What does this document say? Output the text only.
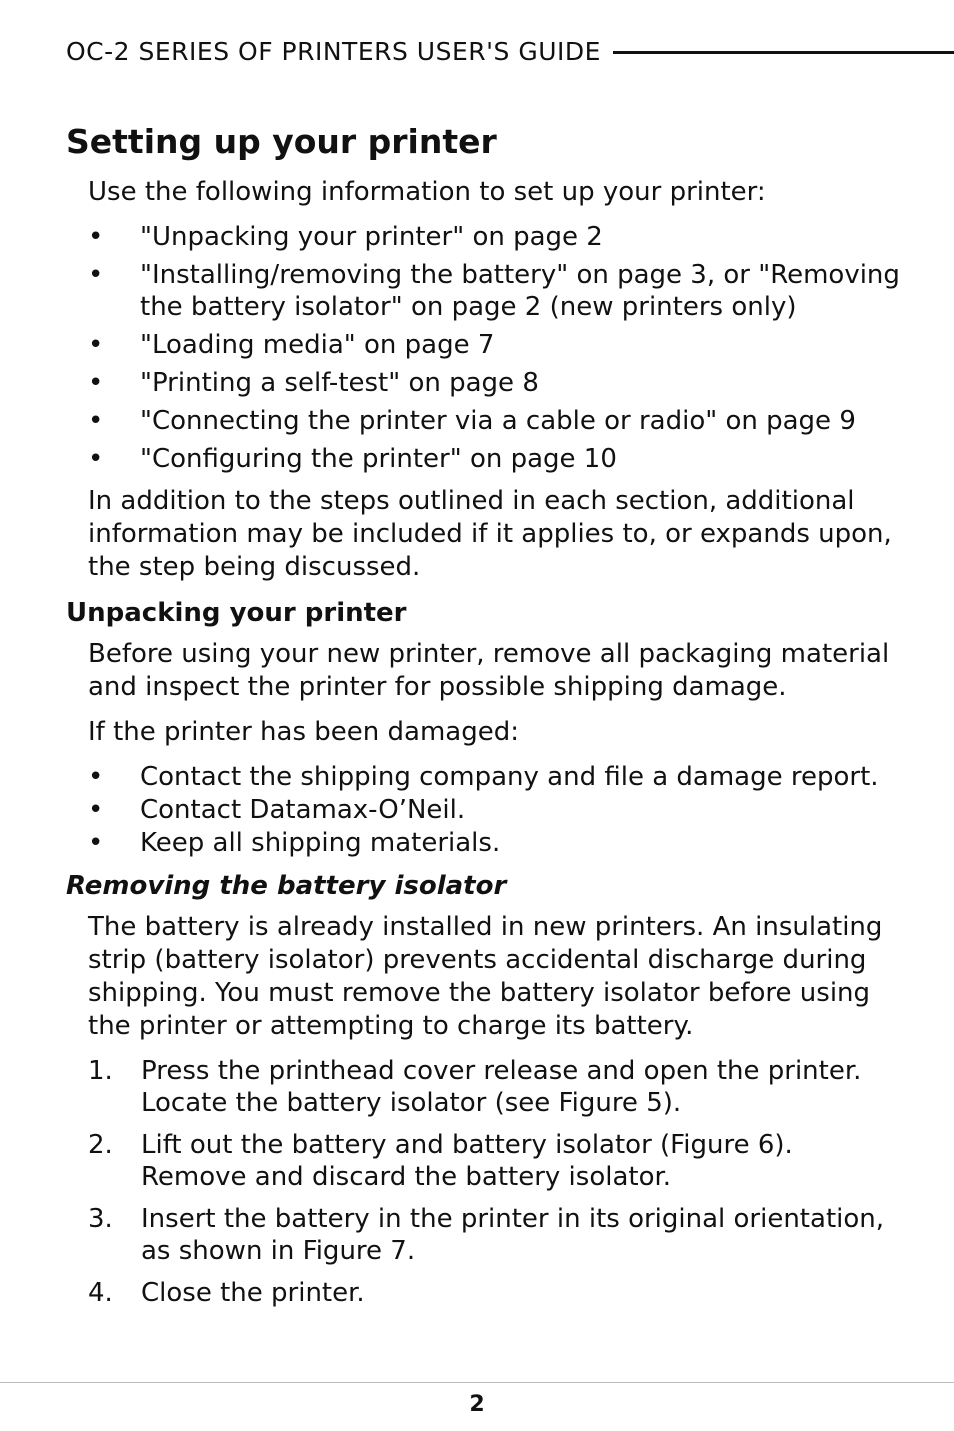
OC-2 SERIES OF PRINTERS USER'S GUIDE
Setting up your printer

Use the following information to set up your printer:

• "Unpacking your printer" on page 2
• "Installing/removing the battery" on page 3, or "Removing the battery isolator" on page 2 (new printers only)
• "Loading media" on page 7
• "Printing a self-test" on page 8
• "Connecting the printer via a cable or radio" on page 9
• "Configuring the printer" on page 10

In addition to the steps outlined in each section, additional information may be included if it applies to, or expands upon, the step being discussed.

Unpacking your printer

Before using your new printer, remove all packaging material and inspect the printer for possible shipping damage.

If the printer has been damaged:

• Contact the shipping company and file a damage report.
• Contact Datamax-O’Neil.
• Keep all shipping materials.
Removing the battery isolator

The battery is already installed in new printers. An insulating strip (battery isolator) prevents accidental discharge during shipping. You must remove the battery isolator before using the printer or attempting to charge its battery.

1. Press the printhead cover release and open the printer. Locate the battery isolator (see Figure 5).
2. Lift out the battery and battery isolator (Figure 6). Remove and discard the battery isolator.
3. Insert the battery in the printer in its original orientation, as shown in Figure 7.
4. Close the printer.
2
